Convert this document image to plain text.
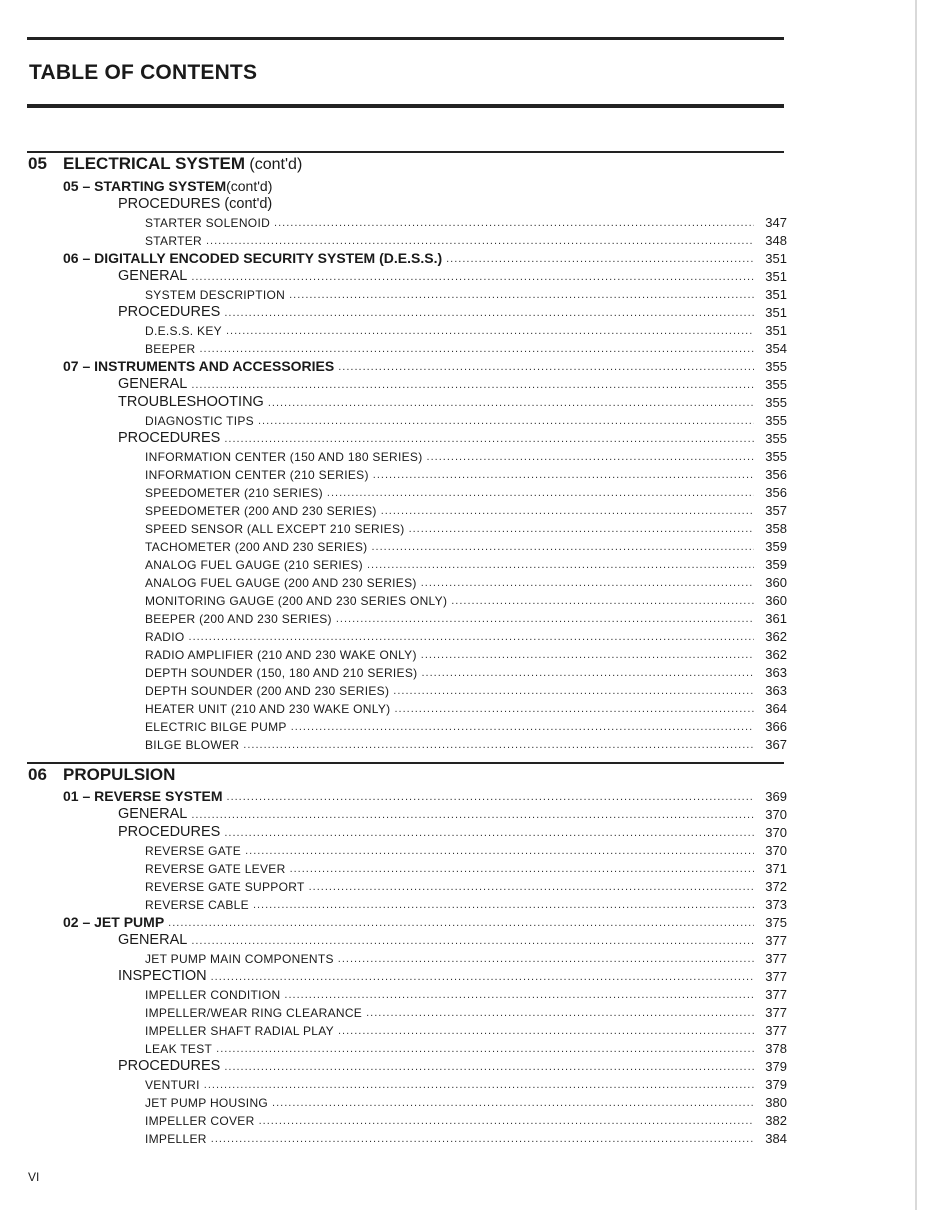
TABLE OF CONTENTS
05 ELECTRICAL SYSTEM (cont'd)
05 – STARTING SYSTEM (cont'd)
PROCEDURES (cont'd)
STARTER SOLENOID .....	347
STARTER .....	348
06 – DIGITALLY ENCODED SECURITY SYSTEM (D.E.S.S.) .....	351
GENERAL .....	351
SYSTEM DESCRIPTION .....	351
PROCEDURES .....	351
D.E.S.S. KEY .....	351
BEEPER .....	354
07 – INSTRUMENTS AND ACCESSORIES .....	355
GENERAL .....	355
TROUBLESHOOTING .....	355
DIAGNOSTIC TIPS .....	355
PROCEDURES .....	355
INFORMATION CENTER (150 AND 180 SERIES) .....	355
INFORMATION CENTER (210 SERIES) .....	356
SPEEDOMETER (210 SERIES) .....	356
SPEEDOMETER (200 AND 230 SERIES) .....	357
SPEED SENSOR (ALL EXCEPT 210 SERIES) .....	358
TACHOMETER (200 AND 230 SERIES) .....	359
ANALOG FUEL GAUGE (210 SERIES) .....	359
ANALOG FUEL GAUGE (200 AND 230 SERIES) .....	360
MONITORING GAUGE (200 AND 230 SERIES ONLY) .....	360
BEEPER (200 AND 230 SERIES) .....	361
RADIO .....	362
RADIO AMPLIFIER (210 AND 230 WAKE ONLY) .....	362
DEPTH SOUNDER (150, 180 AND 210 SERIES) .....	363
DEPTH SOUNDER (200 AND 230 SERIES) .....	363
HEATER UNIT (210 AND 230 WAKE ONLY) .....	364
ELECTRIC BILGE PUMP .....	366
BILGE BLOWER .....	367
06 PROPULSION
01 – REVERSE SYSTEM .....	369
GENERAL .....	370
PROCEDURES .....	370
REVERSE GATE .....	370
REVERSE GATE LEVER .....	371
REVERSE GATE SUPPORT .....	372
REVERSE CABLE .....	373
02 – JET PUMP .....	375
GENERAL .....	377
JET PUMP MAIN COMPONENTS .....	377
INSPECTION .....	377
IMPELLER CONDITION .....	377
IMPELLER/WEAR RING CLEARANCE .....	377
IMPELLER SHAFT RADIAL PLAY .....	377
LEAK TEST .....	378
PROCEDURES .....	379
VENTURI .....	379
JET PUMP HOUSING .....	380
IMPELLER COVER .....	382
IMPELLER .....	384
VI
